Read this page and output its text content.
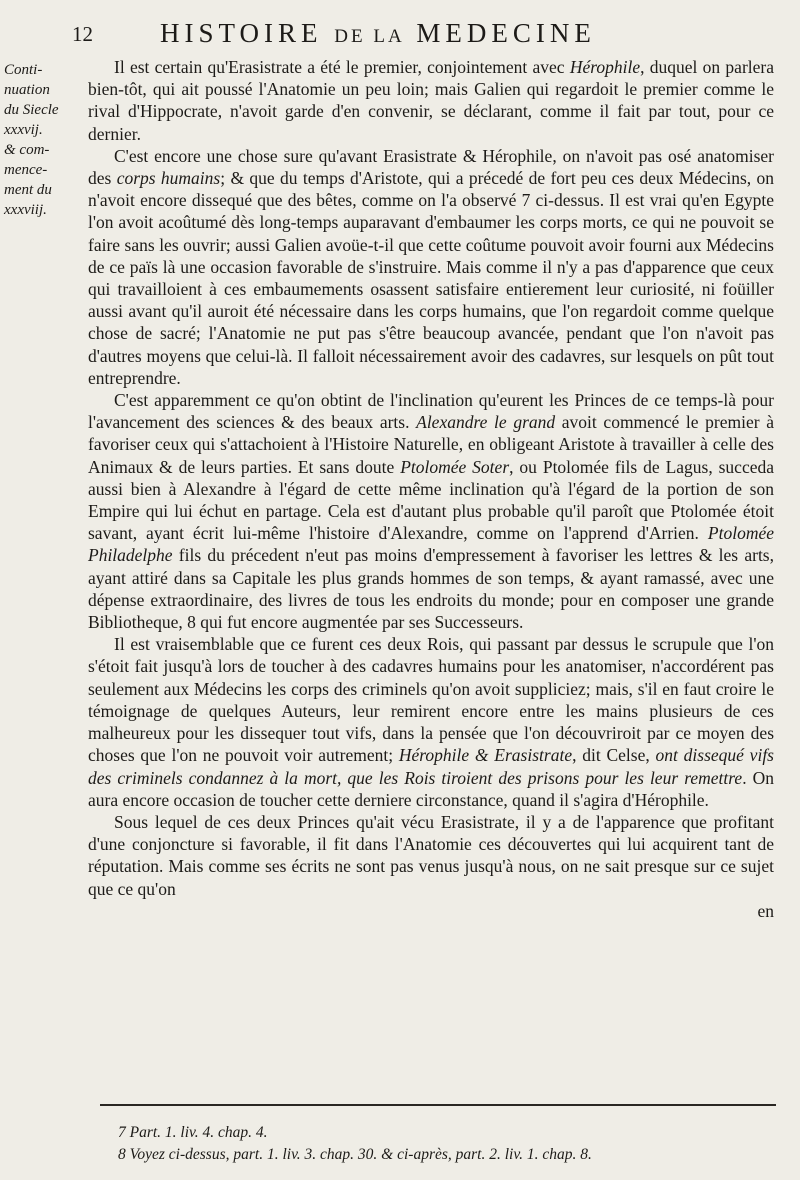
12 HISTOIRE DE LA MEDECINE
Conti-
nuation
du Siecle
xxxvij.
& com-
mence-
ment du
xxxviij.

Il est certain qu'Erasistrate a été le premier, conjointement avec Hérophile, duquel on parlera bien-tôt, qui ait poussé l'Anatomie un peu loin; mais Galien qui regardoit le premier comme le rival d'Hippocrate, n'avoit garde d'en convenir, se déclarant, comme il fait par tout, pour ce dernier.

C'est encore une chose sure qu'avant Erasistrate & Hérophile, on n'avoit pas osé anatomiser des corps humains; & que du temps d'Aristote, qui a précedé de fort peu ces deux Médecins, on n'avoit encore dissequé que des bêtes, comme on l'a observé 7 ci-dessus. Il est vrai qu'en Egypte l'on avoit acoûtumé dès long-temps auparavant d'embaumer les corps morts, ce qui ne pouvoit se faire sans les ouvrir; aussi Galien avoüe-t-il que cette coûtume pouvoit avoir fourni aux Médecins de ce païs là une occasion favorable de s'instruire. Mais comme il n'y a pas d'apparence que ceux qui travailloient à ces embaumements osassent satisfaire entierement leur curiosité, ni foüiller aussi avant qu'il auroit été nécessaire dans les corps humains, que l'on regardoit comme quelque chose de sacré; l'Anatomie ne put pas s'être beaucoup avancée, pendant que l'on n'avoit pas d'autres moyens que celui-là. Il falloit nécessairement avoir des cadavres, sur lesquels on pût tout entreprendre.

C'est apparemment ce qu'on obtint de l'inclination qu'eurent les Princes de ce temps-là pour l'avancement des sciences & des beaux arts. Alexandre le grand avoit commencé le premier à favoriser ceux qui s'attachoient à l'Histoire Naturelle, en obligeant Aristote à travailler à celle des Animaux & de leurs parties. Et sans doute Ptolomée Soter, ou Ptolomée fils de Lagus, succeda aussi bien à Alexandre à l'égard de cette même inclination qu'à l'égard de la portion de son Empire qui lui échut en partage. Cela est d'autant plus probable qu'il paroît que Ptolomée étoit savant, ayant écrit lui-même l'histoire d'Alexandre, comme on l'apprend d'Arrien. Ptolomée Philadelphe fils du précedent n'eut pas moins d'empressement à favoriser les lettres & les arts, ayant attiré dans sa Capitale les plus grands hommes de son temps, & ayant ramassé, avec une dépense extraordinaire, des livres de tous les endroits du monde; pour en composer une grande Bibliotheque, 8 qui fut encore augmentée par ses Successeurs.

Il est vraisemblable que ce furent ces deux Rois, qui passant par dessus le scrupule que l'on s'étoit fait jusqu'à lors de toucher à des cadavres humains pour les anatomiser, n'accordérent pas seulement aux Médecins les corps des criminels qu'on avoit suppliciez; mais, s'il en faut croire le témoignage de quelques Auteurs, leur remirent encore entre les mains plusieurs de ces malheureux pour les dissequer tout vifs, dans la pensée que l'on découvriroit par ce moyen des choses que l'on ne pouvoit voir autrement; Hérophile & Erasistrate, dit Celse, ont dissequé vifs des criminels condannez à la mort, que les Rois tiroient des prisons pour les leur remettre. On aura encore occasion de toucher cette derniere circonstance, quand il s'agira d'Hérophile.

Sous lequel de ces deux Princes qu'ait vécu Erasistrate, il y a de l'apparence que profitant d'une conjoncture si favorable, il fit dans l'Anatomie ces découvertes qui lui acquirent tant de réputation. Mais comme ses écrits ne sont pas venus jusqu'à nous, on ne sait presque sur ce sujet que ce qu'on

en
7 Part. 1. liv. 4. chap. 4.
8 Voyez ci-dessus, part. 1. liv. 3. chap. 30. & ci-après, part. 2. liv. 1. chap. 8.
